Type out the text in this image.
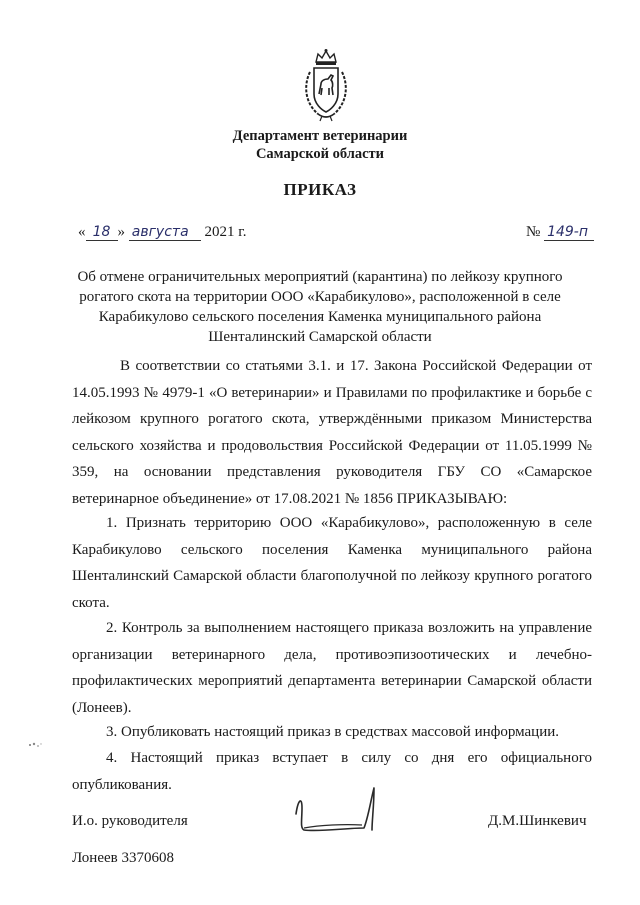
Департамент ветеринарии
Самарской области
ПРИКАЗ
« 18 » августа 2021 г.	№ 149-п
Об отмене ограничительных мероприятий (карантина) по лейкозу крупного рогатого скота на территории ООО «Карабикулово», расположенной в селе Карабикулово сельского поселения Каменка муниципального района Шенталинский Самарской области
В соответствии со статьями 3.1. и 17. Закона Российской Федерации от 14.05.1993 № 4979-1 «О ветеринарии» и Правилами по профилактике и борьбе с лейкозом крупного рогатого скота, утверждёнными приказом Министерства сельского хозяйства и продовольствия Российской Федерации от 11.05.1999 № 359, на основании представления руководителя ГБУ СО «Самарское ветеринарное объединение» от 17.08.2021 № 1856 ПРИКАЗЫВАЮ:
1. Признать территорию ООО «Карабикулово», расположенную в селе Карабикулово сельского поселения Каменка муниципального района Шенталинский Самарской области благополучной по лейкозу крупного рогатого скота.
2. Контроль за выполнением настоящего приказа возложить на управление организации ветеринарного дела, противоэпизоотических и лечебно-профилактических мероприятий департамента ветеринарии Самарской области (Лонеев).
3. Опубликовать настоящий приказ в средствах массовой информации.
4. Настоящий приказ вступает в силу со дня его официального опубликования.
И.о. руководителя	Д.М.Шинкевич
Лонеев 3370608
